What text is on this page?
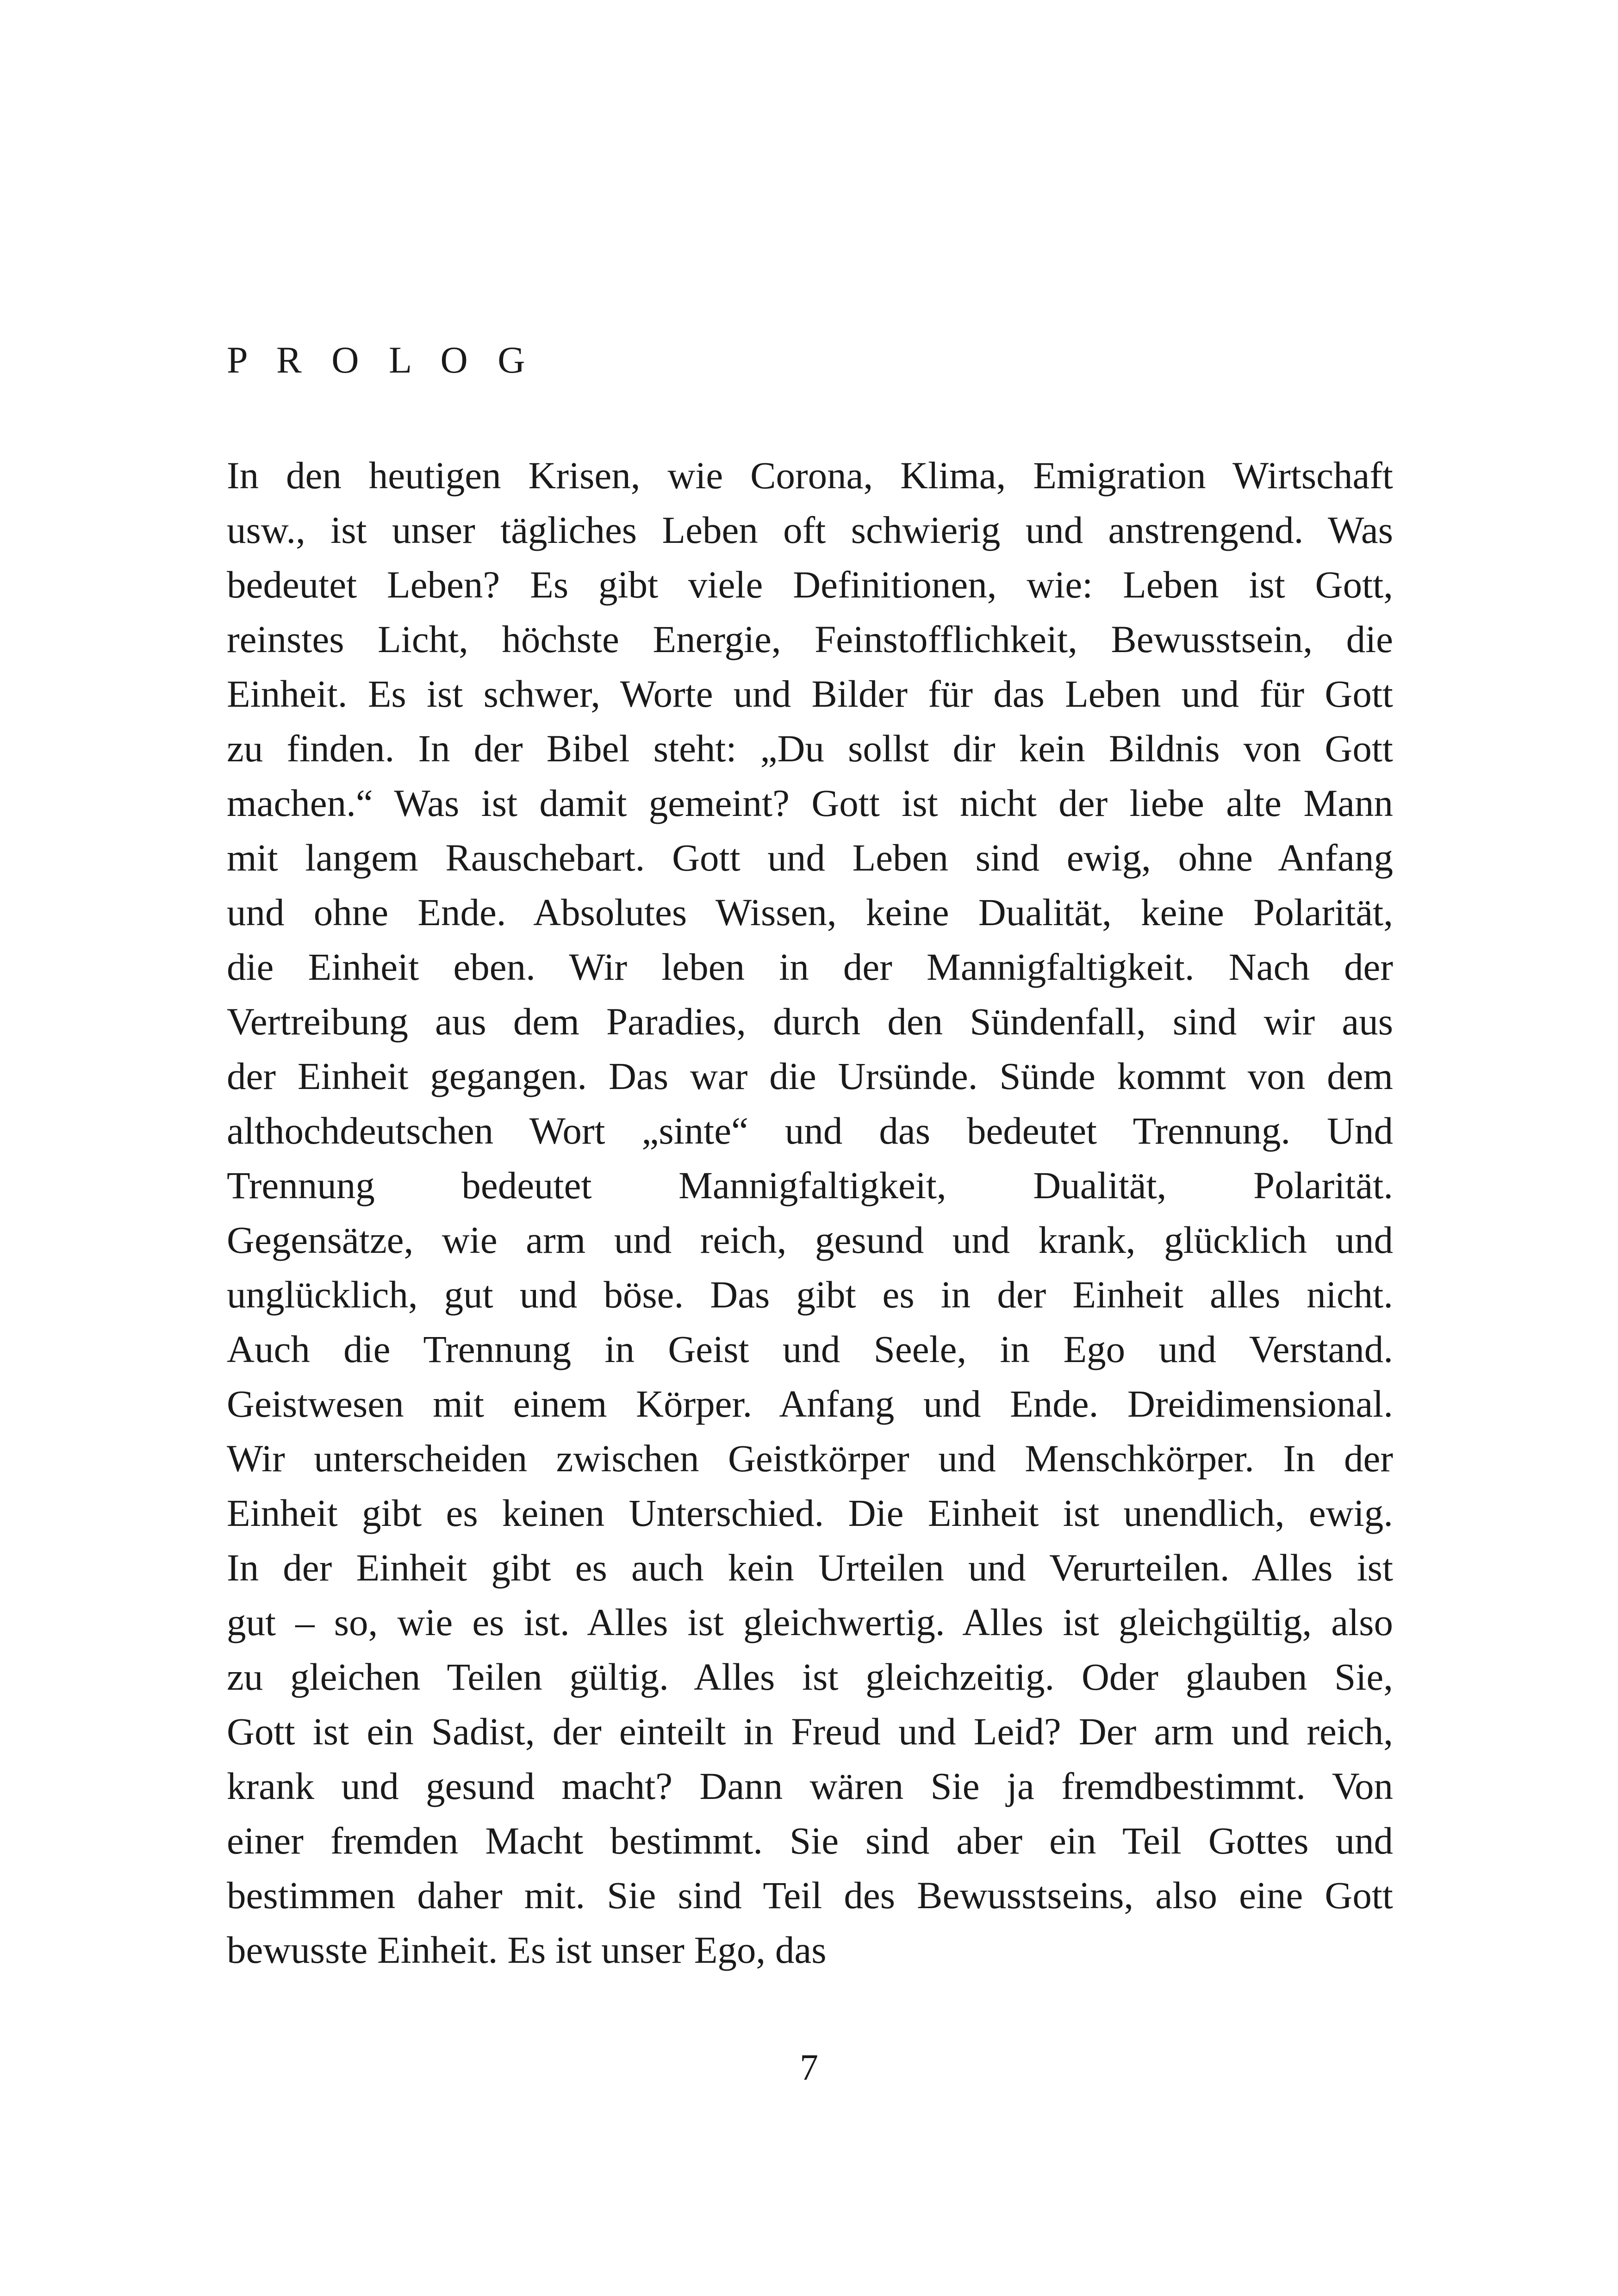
P R O L O G
In den heutigen Krisen, wie Corona, Klima, Emigration Wirtschaft
usw., ist unser tägliches Leben oft schwierig und anstrengend. Was
bedeutet Leben? Es gibt viele Definitionen, wie: Leben ist Gott,
reinstes Licht, höchste Energie, Feinstofflichkeit, Bewusstsein, die
Einheit. Es ist schwer, Worte und Bilder für das Leben und für Gott
zu finden. In der Bibel steht: „Du sollst dir kein Bildnis von Gott
machen.“ Was ist damit gemeint? Gott ist nicht der liebe alte Mann
mit langem Rauschebart. Gott und Leben sind ewig, ohne Anfang
und ohne Ende. Absolutes Wissen, keine Dualität, keine Polarität,
die Einheit eben. Wir leben in der Mannigfaltigkeit. Nach der
Vertreibung aus dem Paradies, durch den Sündenfall, sind wir aus
der Einheit gegangen. Das war die Ursünde. Sünde kommt von dem
althochdeutschen Wort „sinte“ und das bedeutet Trennung. Und
Trennung bedeutet Mannigfaltigkeit, Dualität, Polarität.
Gegensätze, wie arm und reich, gesund und krank, glücklich und
unglücklich, gut und böse. Das gibt es in der Einheit alles nicht.
Auch die Trennung in Geist und Seele, in Ego und Verstand.
Geistwesen mit einem Körper. Anfang und Ende. Dreidimensional.
Wir unterscheiden zwischen Geistkörper und Menschkörper. In der
Einheit gibt es keinen Unterschied. Die Einheit ist unendlich, ewig.
In der Einheit gibt es auch kein Urteilen und Verurteilen. Alles ist
gut – so, wie es ist. Alles ist gleichwertig. Alles ist gleichgültig, also
zu gleichen Teilen gültig. Alles ist gleichzeitig. Oder glauben Sie,
Gott ist ein Sadist, der einteilt in Freud und Leid? Der arm und reich,
krank und gesund macht? Dann wären Sie ja fremdbestimmt. Von
einer fremden Macht bestimmt. Sie sind aber ein Teil Gottes und
bestimmen daher mit. Sie sind Teil des Bewusstseins, also eine Gott
bewusste Einheit. Es ist unser Ego, das
7
